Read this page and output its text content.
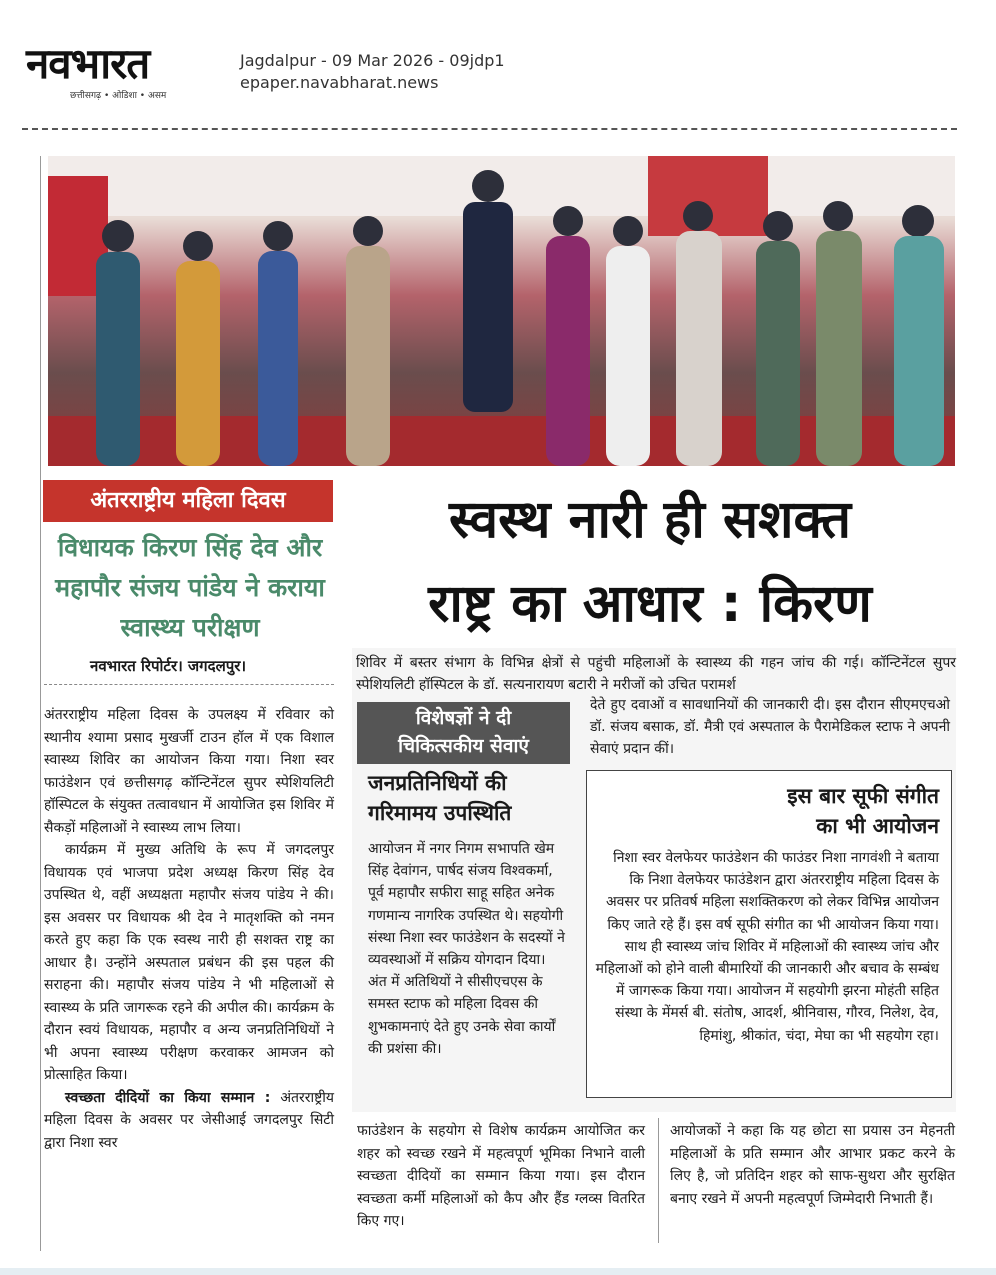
नवभारत
छत्तीसगढ़ • ओडिशा • असम
Jagdalpur - 09 Mar 2026 - 09jdp1
epaper.navabharat.news
अंतरराष्ट्रीय महिला दिवस
विधायक किरण सिंह देव और महापौर संजय पांडेय ने कराया स्वास्थ्य परीक्षण
स्वस्थ नारी ही सशक्त
राष्ट्र का आधार : किरण
नवभारत रिपोर्टर। जगदलपुर।

अंतरराष्ट्रीय महिला दिवस के उपलक्ष्य में रविवार को स्थानीय श्यामा प्रसाद मुखर्जी टाउन हॉल में एक विशाल स्वास्थ्य शिविर का आयोजन किया गया। निशा स्वर फाउंडेशन एवं छत्तीसगढ़ कॉन्टिनेंटल सुपर स्पेशियलिटी हॉस्पिटल के संयुक्त तत्वावधान में आयोजित इस शिविर में सैकड़ों महिलाओं ने स्वास्थ्य लाभ लिया।

कार्यक्रम में मुख्य अतिथि के रूप में जगदलपुर विधायक एवं भाजपा प्रदेश अध्यक्ष किरण सिंह देव उपस्थित थे, वहीं अध्यक्षता महापौर संजय पांडेय ने की। इस अवसर पर विधायक श्री देव ने मातृशक्ति को नमन करते हुए कहा कि एक स्वस्थ नारी ही सशक्त राष्ट्र का आधार है। उन्होंने अस्पताल प्रबंधन की इस पहल की सराहना की। महापौर संजय पांडेय ने भी महिलाओं से स्वास्थ्य के प्रति जागरूक रहने की अपील की। कार्यक्रम के दौरान स्वयं विधायक, महापौर व अन्य जनप्रतिनिधियों ने भी अपना स्वास्थ्य परीक्षण करवाकर आमजन को प्रोत्साहित किया।

स्वच्छता दीदियों का किया सम्मान : अंतरराष्ट्रीय महिला दिवस के अवसर पर जेसीआई जगदलपुर सिटी द्वारा निशा स्वर

शिविर में बस्तर संभाग के विभिन्न क्षेत्रों से पहुंची महिलाओं के स्वास्थ्य की गहन जांच की गई। कॉन्टिनेंटल सुपर स्पेशियलिटी हॉस्पिटल के डॉ. सत्यनारायण बटारी ने मरीजों को उचित परामर्श
विशेषज्ञों ने दी
चिकित्सकीय सेवाएं
देते हुए दवाओं व सावधानियों की जानकारी दी। इस दौरान सीएमएचओ डॉ. संजय बसाक, डॉ. मैत्री एवं अस्पताल के पैरामेडिकल स्टाफ ने अपनी सेवाएं प्रदान कीं।
जनप्रतिनिधियों की
गरिमामय उपस्थिति
आयोजन में नगर निगम सभापति खेम सिंह देवांगन, पार्षद संजय विश्वकर्मा, पूर्व महापौर सफीरा साहू सहित अनेक गणमान्य नागरिक उपस्थित थे। सहयोगी संस्था निशा स्वर फाउंडेशन के सदस्यों ने व्यवस्थाओं में सक्रिय योगदान दिया। अंत में अतिथियों ने सीसीएचएस के समस्त स्टाफ को महिला दिवस की शुभकामनाएं देते हुए उनके सेवा कार्यों की प्रशंसा की।
इस बार सूफी संगीत
का भी आयोजन
निशा स्वर वेलफेयर फाउंडेशन की फाउंडर निशा नागवंशी ने बताया कि निशा वेलफेयर फाउंडेशन द्वारा अंतरराष्ट्रीय महिला दिवस के अवसर पर प्रतिवर्ष महिला सशक्तिकरण को लेकर विभिन्न आयोजन किए जाते रहे हैं। इस वर्ष सूफी संगीत का भी आयोजन किया गया। साथ ही स्वास्थ्य जांच शिविर में महिलाओं की स्वास्थ्य जांच और महिलाओं को होने वाली बीमारियों की जानकारी और बचाव के सम्बंध में जागरूक किया गया। आयोजन में सहयोगी झरना मोहंती सहित संस्था के मेंमर्स बी. संतोष, आदर्श, श्रीनिवास, गौरव, निलेश, देव, हिमांशु, श्रीकांत, चंदा, मेघा का भी सहयोग रहा।
फाउंडेशन के सहयोग से विशेष कार्यक्रम आयोजित कर शहर को स्वच्छ रखने में महत्वपूर्ण भूमिका निभाने वाली स्वच्छता दीदियों का सम्मान किया गया। इस दौरान स्वच्छता कर्मी महिलाओं को कैप और हैंड ग्लव्स वितरित किए गए।
आयोजकों ने कहा कि यह छोटा सा प्रयास उन मेहनती महिलाओं के प्रति सम्मान और आभार प्रकट करने के लिए है, जो प्रतिदिन शहर को साफ-सुथरा और सुरक्षित बनाए रखने में अपनी महत्वपूर्ण जिम्मेदारी निभाती हैं।
